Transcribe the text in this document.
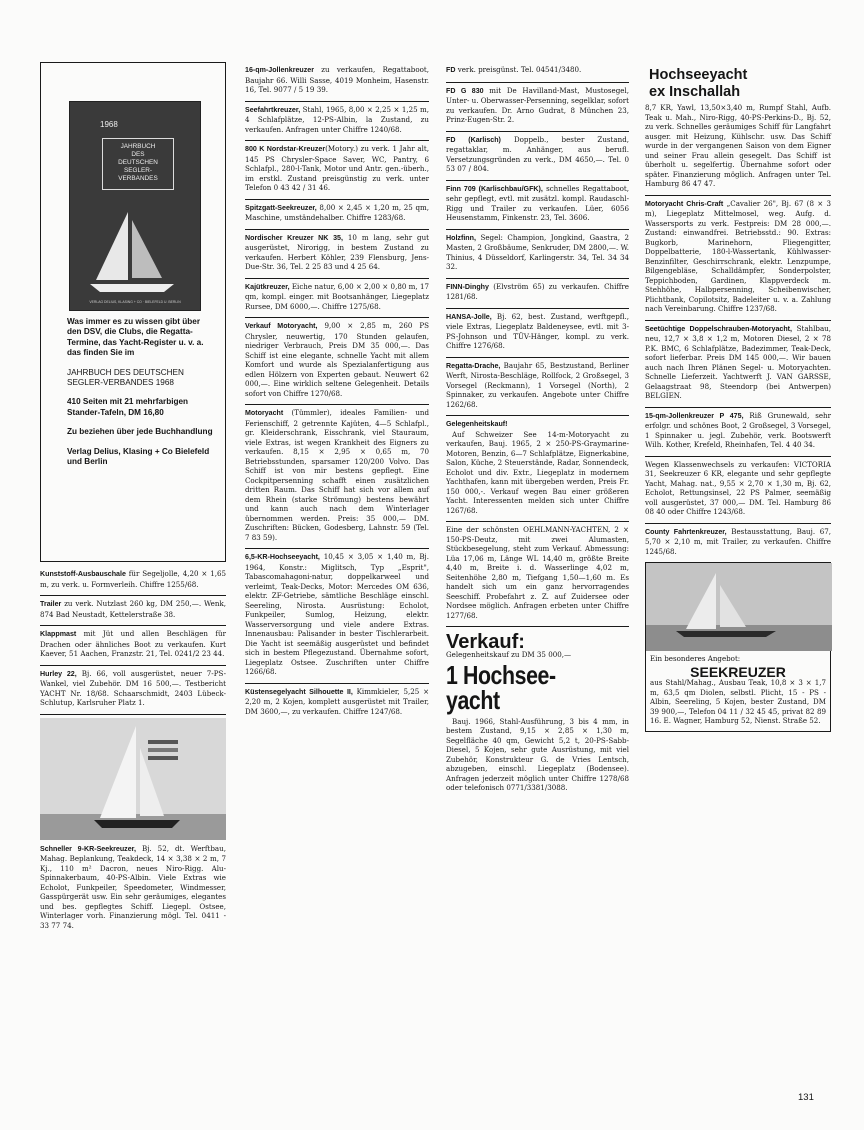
1968
JAHRBUCH
DES
DEUTSCHEN
SEGLER-
VERBANDES
VERLAG DELIUS, KLASING + CO · BIELEFELD U. BERLIN

Was immer es zu wissen gibt über den DSV, die Clubs, die Regatta-Termine, das Yacht-Register u. v. a. das finden Sie im

JAHRBUCH DES DEUTSCHEN SEGLER-VERBANDES 1968

410 Seiten mit 21 mehrfarbigen Stander-Tafeln, DM 16,80

Zu beziehen über jede Buchhandlung

Verlag Delius, Klasing + Co Bielefeld und Berlin

Kunststoff-Ausbauschale für Segeljolle, 4,20 × 1,65 m, zu verk. u. Formverleih. Chiffre 1255/68.

Trailer zu verk. Nutzlast 260 kg, DM 250,—. Wenk, 874 Bad Neustadt, Kettelerstraße 38.

Klappmast mit Jüt und allen Beschlägen für Drachen oder ähnliches Boot zu verkaufen. Kurt Kaever, 51 Aachen, Franzstr. 21, Tel. 0241/2 23 44.

Hurley 22, Bj. 66, voll ausgerüstet, neuer 7-PS-Wankel, viel Zubehör. DM 16 500,—. Testbericht YACHT Nr. 18/68. Schaarschmidt, 2403 Lübeck-Schlutup, Karlsruher Platz 1.

Schneller 9-KR-Seekreuzer, Bj. 52, dt. Werftbau, Mahag. Beplankung, Teakdeck, 14 × 3,38 × 2 m, 7 Kj., 110 m² Dacron, neues Niro-Rigg. Alu-Spinnakerbaum, 40-PS-Albin. Viele Extras wie Echolot, Funkpeiler, Speedometer, Windmesser, Gasspürgerät usw. Ein sehr geräumiges, elegantes und bes. gepflegtes Schiff. Liegepl. Ostsee, Winterlager vorh. Finanzierung mögl. Tel. 0411 - 33 77 74.

16-qm-Jollenkreuzer zu verkaufen, Regattaboot, Baujahr 66. Willi Sasse, 4019 Monheim, Hasenstr. 16, Tel. 9077 / 5 19 39.

Seefahrtkreuzer, Stahl, 1965, 8,00 × 2,25 × 1,25 m, 4 Schlafplätze, 12-PS-Albin, la Zustand, zu verkaufen. Anfragen unter Chiffre 1240/68.

800 K Nordstar-Kreuzer(Motory.) zu verk. 1 Jahr alt, 145 PS Chrysler-Space Saver, WC, Pantry, 6 Schlafpl., 280-l-Tank, Motor und Antr. gen.-überh., im erstkl. Zustand preisgünstig zu verk. unter Telefon 0 43 42 / 31 46.

Spitzgatt-Seekreuzer, 8,00 × 2,45 × 1,20 m, 25 qm, Maschine, umständehalber. Chiffre 1283/68.

Nordischer Kreuzer NK 35, 10 m lang, sehr gut ausgerüstet, Nirorigg, in bestem Zustand zu verkaufen. Herbert Köhler, 239 Flensburg, Jens-Due-Str. 36, Tel. 2 25 83 und 4 25 64.

Kajütkreuzer, Eiche natur, 6,00 × 2,00 × 0,80 m, 17 qm, kompl. einger. mit Bootsanhänger, Liegeplatz Rursee, DM 6000,—. Chiffre 1275/68.

Verkauf Motoryacht, 9,00 × 2,85 m, 260 PS Chrysler, neuwertig, 170 Stunden gelaufen, niedriger Verbrauch, Preis DM 35 000,—. Das Schiff ist eine elegante, schnelle Yacht mit allem Komfort und wurde als Spezialanfertigung aus edlen Hölzern von Experten gebaut. Neuwert 62 000,—. Eine wirklich seltene Gelegenheit. Details sofort von Chiffre 1270/68.

Motoryacht (Tümmler), ideales Familien- und Ferienschiff, 2 getrennte Kajüten, 4—5 Schlafpl., gr. Kleiderschrank, Eisschrank, viel Stauraum, viele Extras, ist wegen Krankheit des Eigners zu verkaufen. 8,15 × 2,95 × 0,65 m, 70 Betriebsstunden, sparsamer 120/200 Volvo. Das Schiff ist von mir bestens gepflegt. Eine Cockpitpersenning schafft einen zusätzlichen dritten Raum. Das Schiff hat sich vor allem auf dem Rhein (starke Strömung) bestens bewährt und kann auch nach dem Winterlager übernommen werden. Preis: 35 000,— DM. Zuschriften: Bücken, Godesberg, Lahnstr. 59 (Tel. 7 83 59).

6,5-KR-Hochseeyacht, 10,45 × 3,05 × 1,40 m, Bj. 1964, Konstr.: Miglitsch, Typ „Esprit", Tabascomahagoni-natur, doppelkarweel und verleimt, Teak-Decks, Motor: Mercedes OM 636, elektr. ZF-Getriebe, sämtliche Beschläge einschl. Seereling, Nirosta. Ausrüstung: Echolot, Funkpeiler, Sumlog, Heizung, elektr. Wasserversorgung und viele andere Extras. Innenausbau: Palisander in bester Tischlerarbeit. Die Yacht ist seemäßig ausgerüstet und befindet sich in bestem Pflegezustand. Übernahme sofort, Liegeplatz Ostsee. Zuschriften unter Chiffre 1266/68.

Küstensegelyacht Silhouette II, Kimmkieler, 5,25 × 2,20 m, 2 Kojen, komplett ausgerüstet mit Trailer, DM 3600,—, zu verkaufen. Chiffre 1247/68.

FD verk. preisgünst. Tel. 04541/3480.

FD G 830 mit De Havilland-Mast, Mustosegel, Unter- u. Oberwasser-Persenning, segelklar, sofort zu verkaufen. Dr. Arno Gudrat, 8 München 23, Prinz-Eugen-Str. 2.

FD (Karlisch) Doppelb., bester Zustand, regattaklar, m. Anhänger, aus berufl. Versetzungsgründen zu verk., DM 4650,—. Tel. 0 53 07 / 804.

Finn 709 (Karlischbau/GFK), schnelles Regattaboot, sehr gepflegt, evtl. mit zusätzl. kompl. Raudaschl-Rigg und Trailer zu verkaufen. Lüer, 6056 Heusenstamm, Finkenstr. 23, Tel. 3606.

Holzfinn, Segel: Champion, Jongkind, Gaastra, 2 Masten, 2 Großbäume, Senkruder, DM 2800,—. W. Thinius, 4 Düsseldorf, Karlingerstr. 34, Tel. 34 34 32.

FINN-Dinghy (Elvström 65) zu verkaufen. Chiffre 1281/68.

HANSA-Jolle, Bj. 62, best. Zustand, werftgepfl., viele Extras, Liegeplatz Baldeneysee, evtl. mit 3-PS-Johnson und TÜV-Hänger, kompl. zu verk. Chiffre 1276/68.

Regatta-Drache, Baujahr 65, Bestzustand, Berliner Werft, Nirosta-Beschläge, Rollfock, 2 Großsegel, 3 Vorsegel (Reckmann), 1 Vorsegel (North), 2 Spinnaker, zu verkaufen. Angebote unter Chiffre 1262/68.

Gelegenheitskauf!

Auf Schweizer See 14-m-Motoryacht zu verkaufen, Bauj. 1965, 2 × 250-PS-Graymarine-Motoren, Benzin, 6—7 Schlafplätze, Eignerkabine, Salon, Küche, 2 Steuerstände, Radar, Sonnendeck, Echolot und div. Extr., Liegeplatz in modernem Yachthafen, kann mit übergeben werden, Preis Fr. 150 000,-. Verkauf wegen Bau einer größeren Yacht. Interessenten melden sich unter Chiffre 1267/68.

Eine der schönsten OEHLMANN-YACHTEN, 2 × 150-PS-Deutz, mit zwei Alumasten, Stückbesegelung, steht zum Verkauf. Abmessung: Lüa 17,06 m, Länge WL 14,40 m, größte Breite 4,40 m, Breite i. d. Wasserlinge 4,02 m, Seitenhöhe 2,80 m, Tiefgang 1,50—1,60 m. Es handelt sich um ein ganz hervorragendes Seeschiff. Probefahrt z. Z. auf Zuidersee oder Nordsee möglich. Anfragen erbeten unter Chiffre 1277/68.

Verkauf:
Gelegenheitskauf zu DM 35 000,—
1 Hochsee-
yacht

Bauj. 1966, Stahl-Ausführung, 3 bis 4 mm, in bestem Zustand, 9,15 × 2,85 × 1,30 m, Segelfläche 40 qm, Gewicht 5,2 t, 20-PS-Sabb-Diesel, 5 Kojen, sehr gute Ausrüstung, mit viel Zubehör, Konstrukteur G. de Vries Lentsch, abzugeben, einschl. Liegeplatz (Bodensee). Anfragen jederzeit möglich unter Chiffre 1278/68 oder telefonisch 0771/3381/3088.

Hochseeyacht
ex Inschallah

8,7 KR, Yawl, 13,50×3,40 m, Rumpf Stahl, Aufb. Teak u. Mah., Niro-Rigg, 40-PS-Perkins-D., Bj. 52, zu verk. Schnelles geräumiges Schiff für Langfahrt ausger. mit Heizung, Kühlschr. usw. Das Schiff wurde in der vergangenen Saison von dem Eigner und seiner Frau allein gesegelt. Das Schiff ist überholt u. segelfertig. Übernahme sofort oder später. Finanzierung möglich. Anfragen unter Tel. Hamburg 86 47 47.

Motoryacht Chris-Craft „Cavalier 26", Bj. 67 (8 × 3 m), Liegeplatz Mittelmosel, weg. Aufg. d. Wassersports zu verk. Festpreis: DM 28 000,—. Zustand: einwandfrei. Betriebsstd.: 90. Extras: Bugkorb, Marinehorn, Fliegengitter, Doppelbatterie, 180-l-Wassertank, Kühlwasser-Benzinfilter, Geschirrschrank, elektr. Lenzpumpe, Bilgengebläse, Schalldämpfer, Sonderpolster, Teppichboden, Gardinen, Klappverdeck m. Stehhöhe, Halbpersenning, Scheibenwischer, Plichtbank, Copilotsitz, Badeleiter u. v. a. Zahlung nach Vereinbarung. Chiffre 1237/68.

Seetüchtige Doppelschrauben-Motoryacht, Stahlbau, neu, 12,7 × 3,8 × 1,2 m, Motoren Diesel, 2 × 78 P.K. BMC, 6 Schlafplätze, Badezimmer, Teak-Deck, sofort lieferbar. Preis DM 145 000,—. Wir bauen auch nach Ihren Plänen Segel- u. Motoryachten. Schnelle Lieferzeit. Yachtwerft J. VAN GARSSE, Gelaagstraat 98, Steendorp (bei Antwerpen) BELGIEN.

15-qm-Jollenkreuzer P 475, Riß Grunewald, sehr erfolgr. und schönes Boot, 2 Großsegel, 3 Vorsegel, 1 Spinnaker u. jegl. Zubehör, verk. Bootswerft Wilh. Kother, Krefeld, Rheinhafen, Tel. 4 40 34.

Wegen Klassenwechsels zu verkaufen: VICTORIA 31, Seekreuzer 6 KR, elegante und sehr gepflegte Yacht, Mahag. nat., 9,55 × 2,70 × 1,30 m, Bj. 62, Echolot, Rettungsinsel, 22 PS Palmer, seemäßig voll ausgerüstet, 37 000,— DM. Tel. Hamburg 86 08 40 oder Chiffre 1243/68.

County Fahrtenkreuzer, Bestausstattung, Bauj. 67, 5,70 × 2,10 m, mit Trailer, zu verkaufen. Chiffre 1245/68.

Ein besonderes Angebot:

SEEKREUZER

aus Stahl/Mahag., Ausbau Teak, 10,8 × 3 × 1,7 m, 63,5 qm Diolen, selbstl. Plicht, 15 - PS - Albin, Seereling, 5 Kojen, bester Zustand, DM 39 900,—, Telefon 04 11 / 32 45 45, privat 82 89 16. E. Wagner, Hamburg 52, Nienst. Straße 52.

131
